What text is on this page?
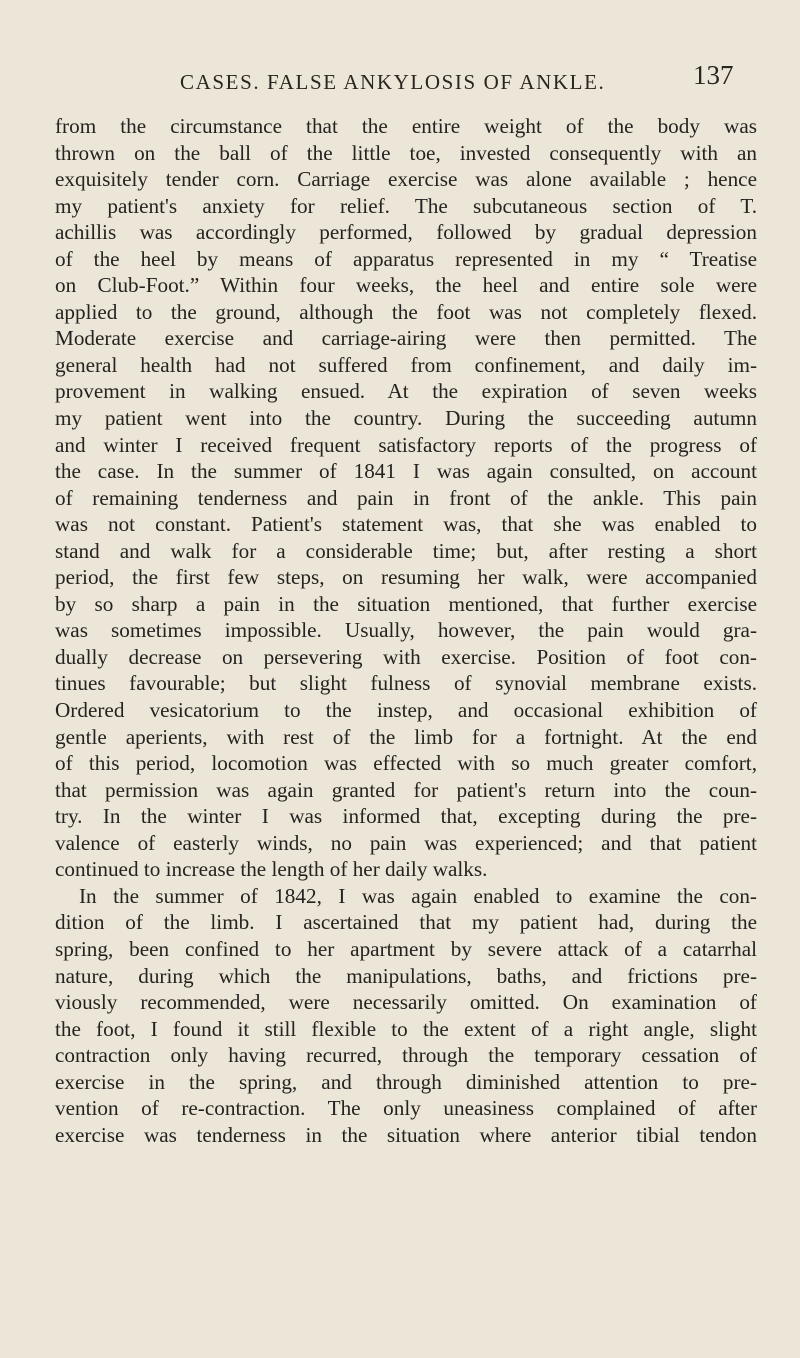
CASES. FALSE ANKYLOSIS OF ANKLE.	137
from the circumstance that the entire weight of the body was
thrown on the ball of the little toe, invested consequently with an
exquisitely tender corn. Carriage exercise was alone available ; hence
my patient's anxiety for relief. The subcutaneous section of T.
achillis was accordingly performed, followed by gradual depression
of the heel by means of apparatus represented in my “ Treatise
on Club-Foot.” Within four weeks, the heel and entire sole were
applied to the ground, although the foot was not completely flexed.
Moderate exercise and carriage-airing were then permitted. The
general health had not suffered from confinement, and daily im-
provement in walking ensued. At the expiration of seven weeks
my patient went into the country. During the succeeding autumn
and winter I received frequent satisfactory reports of the progress of
the case. In the summer of 1841 I was again consulted, on account
of remaining tenderness and pain in front of the ankle. This pain
was not constant. Patient's statement was, that she was enabled to
stand and walk for a considerable time; but, after resting a short
period, the first few steps, on resuming her walk, were accompanied
by so sharp a pain in the situation mentioned, that further exercise
was sometimes impossible. Usually, however, the pain would gra-
dually decrease on persevering with exercise. Position of foot con-
tinues favourable; but slight fulness of synovial membrane exists.
Ordered vesicatorium to the instep, and occasional exhibition of
gentle aperients, with rest of the limb for a fortnight. At the end
of this period, locomotion was effected with so much greater comfort,
that permission was again granted for patient's return into the coun-
try. In the winter I was informed that, excepting during the pre-
valence of easterly winds, no pain was experienced; and that patient
continued to increase the length of her daily walks.
In the summer of 1842, I was again enabled to examine the con-
dition of the limb. I ascertained that my patient had, during the
spring, been confined to her apartment by severe attack of a catarrhal
nature, during which the manipulations, baths, and frictions pre-
viously recommended, were necessarily omitted. On examination of
the foot, I found it still flexible to the extent of a right angle, slight
contraction only having recurred, through the temporary cessation of
exercise in the spring, and through diminished attention to pre-
vention of re-contraction. The only uneasiness complained of after
exercise was tenderness in the situation where anterior tibial tendon
